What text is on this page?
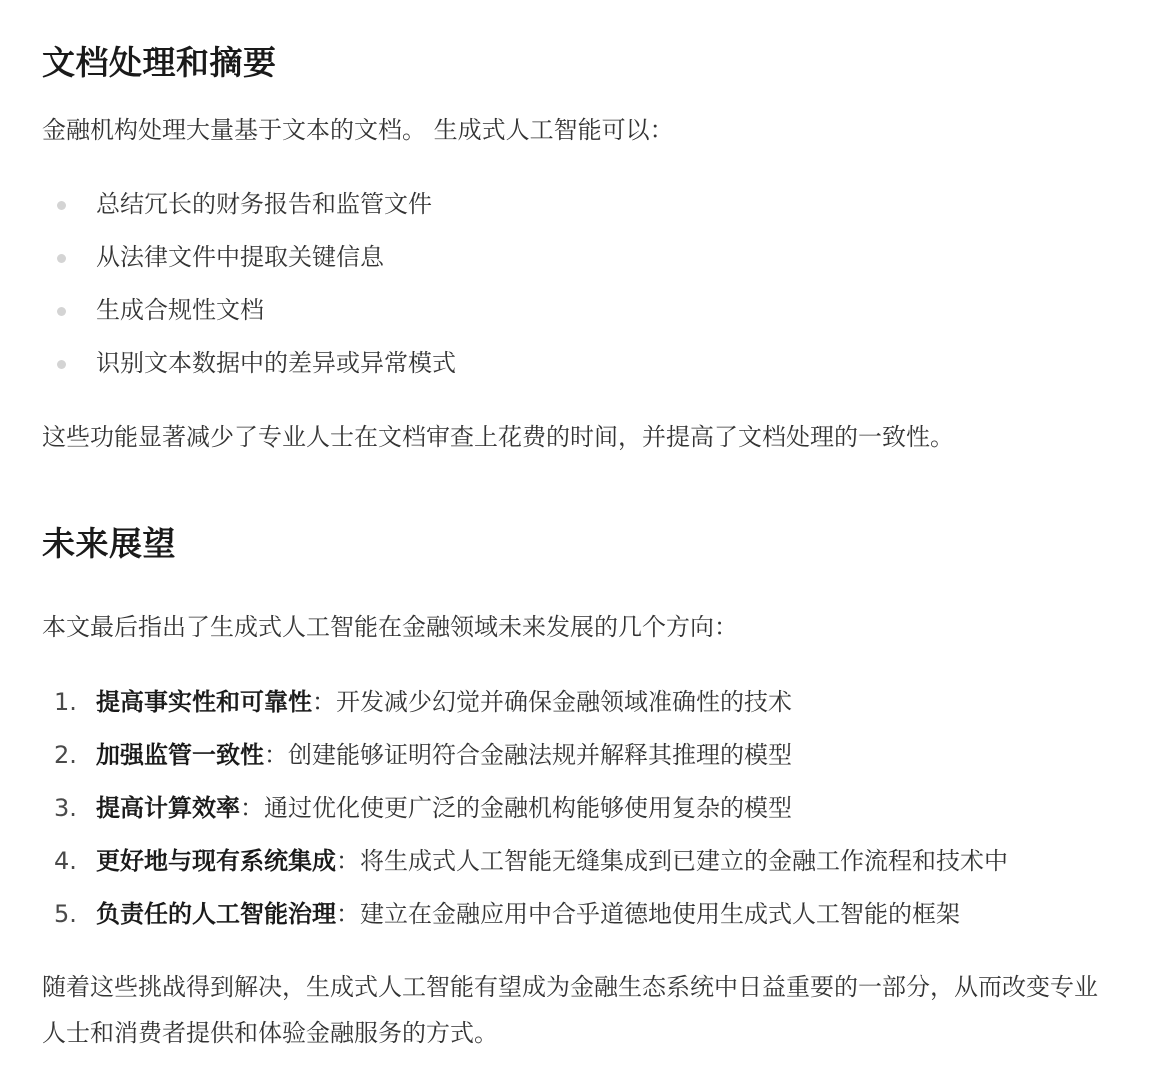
文档处理和摘要

金融机构处理大量基于文本的文档。 生成式人工智能可以：

总结冗长的财务报告和监管文件
从法律文件中提取关键信息
生成合规性文档
识别文本数据中的差异或异常模式

这些功能显著减少了专业人士在文档审查上花费的时间，并提高了文档处理的一致性。

未来展望

本文最后指出了生成式人工智能在金融领域未来发展的几个方向：

1. 提高事实性和可靠性：开发减少幻觉并确保金融领域准确性的技术
2. 加强监管一致性：创建能够证明符合金融法规并解释其推理的模型
3. 提高计算效率：通过优化使更广泛的金融机构能够使用复杂的模型
4. 更好地与现有系统集成：将生成式人工智能无缝集成到已建立的金融工作流程和技术中
5. 负责任的人工智能治理：建立在金融应用中合乎道德地使用生成式人工智能的框架

随着这些挑战得到解决，生成式人工智能有望成为金融生态系统中日益重要的一部分，从而改变专业人士和消费者提供和体验金融服务的方式。
